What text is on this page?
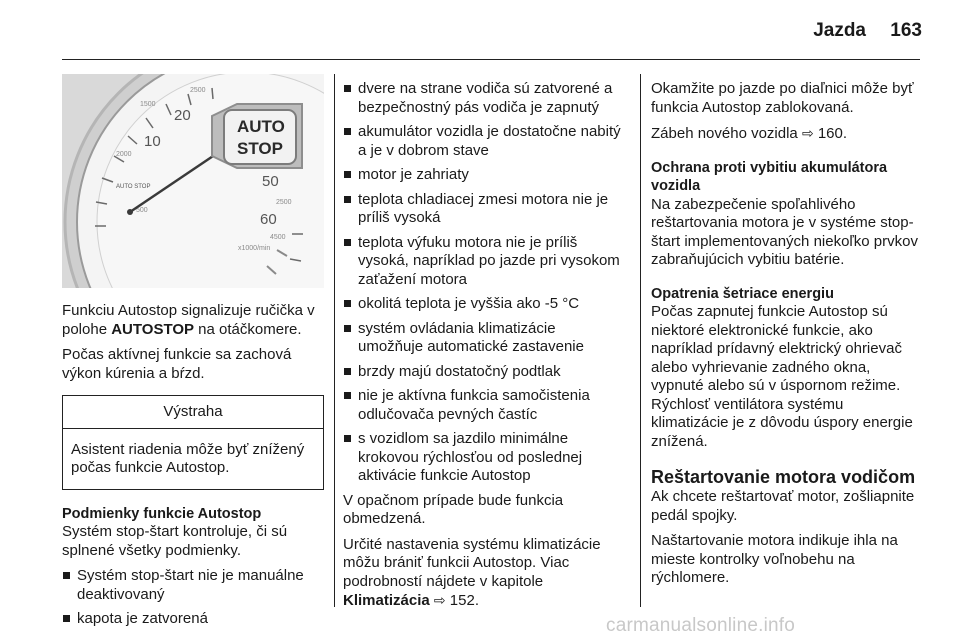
Jazda	163
10
20
50
60
1500
2500
2000
2500
4500
500
x1000/min
AUTO STOP
AUTO
STOP

Funkciu Autostop signalizuje ručička v polohe AUTOSTOP na otáčkomere.

Počas aktívnej funkcie sa zachová výkon kúrenia a bŕzd.

Výstraha
Asistent riadenia môže byť znížený počas funkcie Autostop.

Podmienky funkcie Autostop

Systém stop-štart kontroluje, či sú splnené všetky podmienky.

Systém stop-štart nie je manuálne deaktivovaný
kapota je zatvorená
dvere na strane vodiča sú zatvorené a bezpečnostný pás vodiča je zapnutý
akumulátor vozidla je dostatočne nabitý a je v dobrom stave
motor je zahriaty
teplota chladiacej zmesi motora nie je príliš vysoká
teplota výfuku motora nie je príliš vysoká, napríklad po jazde pri vysokom zaťažení motora
okolitá teplota je vyššia ako -5 °C
systém ovládania klimatizácie umožňuje automatické zastavenie
brzdy majú dostatočný podtlak
nie je aktívna funkcia samočistenia odlučovača pevných častíc
s vozidlom sa jazdilo minimálne krokovou rýchlosťou od poslednej aktivácie funkcie Autostop

V opačnom prípade bude funkcia obmedzená.

Určité nastavenia systému klimatizácie môžu brániť funkcii Autostop. Viac podrobností nájdete v kapitole Klimatizácia ⇨ 152.

Okamžite po jazde po diaľnici môže byť funkcia Autostop zablokovaná.

Zábeh nového vozidla ⇨ 160.

Ochrana proti vybitiu akumulátora vozidla

Na zabezpečenie spoľahlivého reštartovania motora je v systéme stop-štart implementovaných niekoľko prvkov zabraňujúcich vybitiu batérie.

Opatrenia šetriace energiu

Počas zapnutej funkcie Autostop sú niektoré elektronické funkcie, ako napríklad prídavný elektrický ohrievač alebo vyhrievanie zadného okna, vypnuté alebo sú v úspornom režime. Rýchlosť ventilátora systému klimatizácie je z dôvodu úspory energie znížená.

Reštartovanie motora vodičom

Ak chcete reštartovať motor, zošliapnite pedál spojky.

Naštartovanie motora indikuje ihla na mieste kontrolky voľnobehu na rýchlomere.

carmanualsonline.info
